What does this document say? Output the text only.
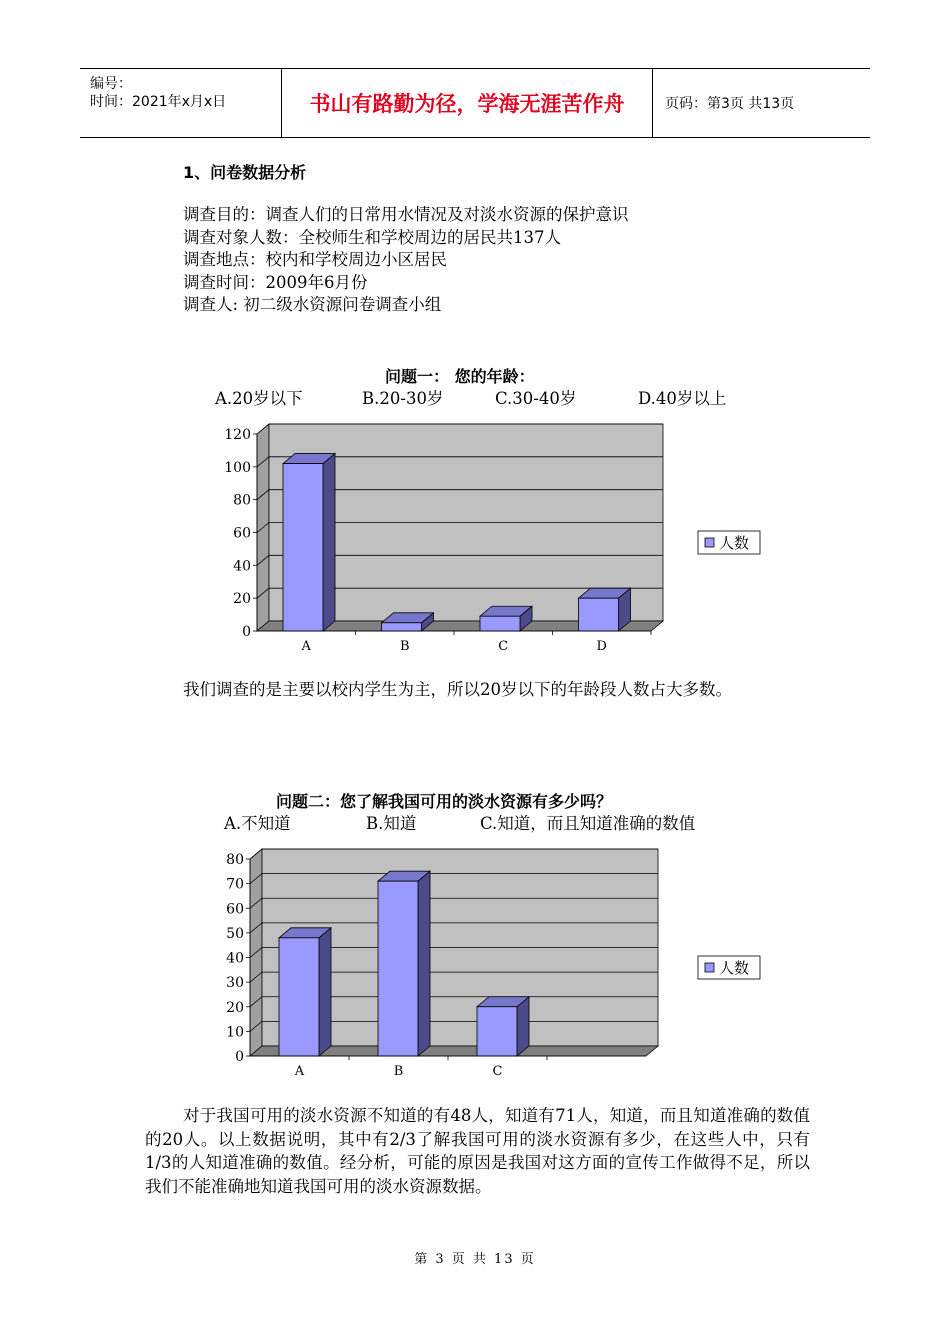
编号：
时间：2021年x月x日	书山有路勤为径，学海无涯苦作舟	页码：第3页 共13页
1、问卷数据分析
调查目的：调查人们的日常用水情况及对淡水资源的保护意识
调查对象人数：全校师生和学校周边的居民共137人
调查地点：校内和学校周边小区居民
调查时间：2009年6月份
调查人: 初二级水资源问卷调查小组
问题一： 您的年龄：
A.20岁以下	B.20-30岁	C.30-40岁	D.40岁以上
问题二：您了解我国可用的淡水资源有多少吗？
A.不知道	B.知道	C.知道，而且知道准确的数值
0
20
40
60
80
100
120
A	B	C	D
人数
0
10
20
30
40
50
60
70
80
A	B	C
人数
我们调查的是主要以校内学生为主，所以20岁以下的年龄段人数占大多数。
对于我国可用的淡水资源不知道的有48人，知道有71人，知道，而且知道准确的数值的20人。以上数据说明，其中有2/3了解我国可用的淡水资源有多少，在这些人中，只有1/3的人知道准确的数值。经分析，可能的原因是我国对这方面的宣传工作做得不足，所以我们不能准确地知道我国可用的淡水资源数据。
第 3 页 共 13 页
